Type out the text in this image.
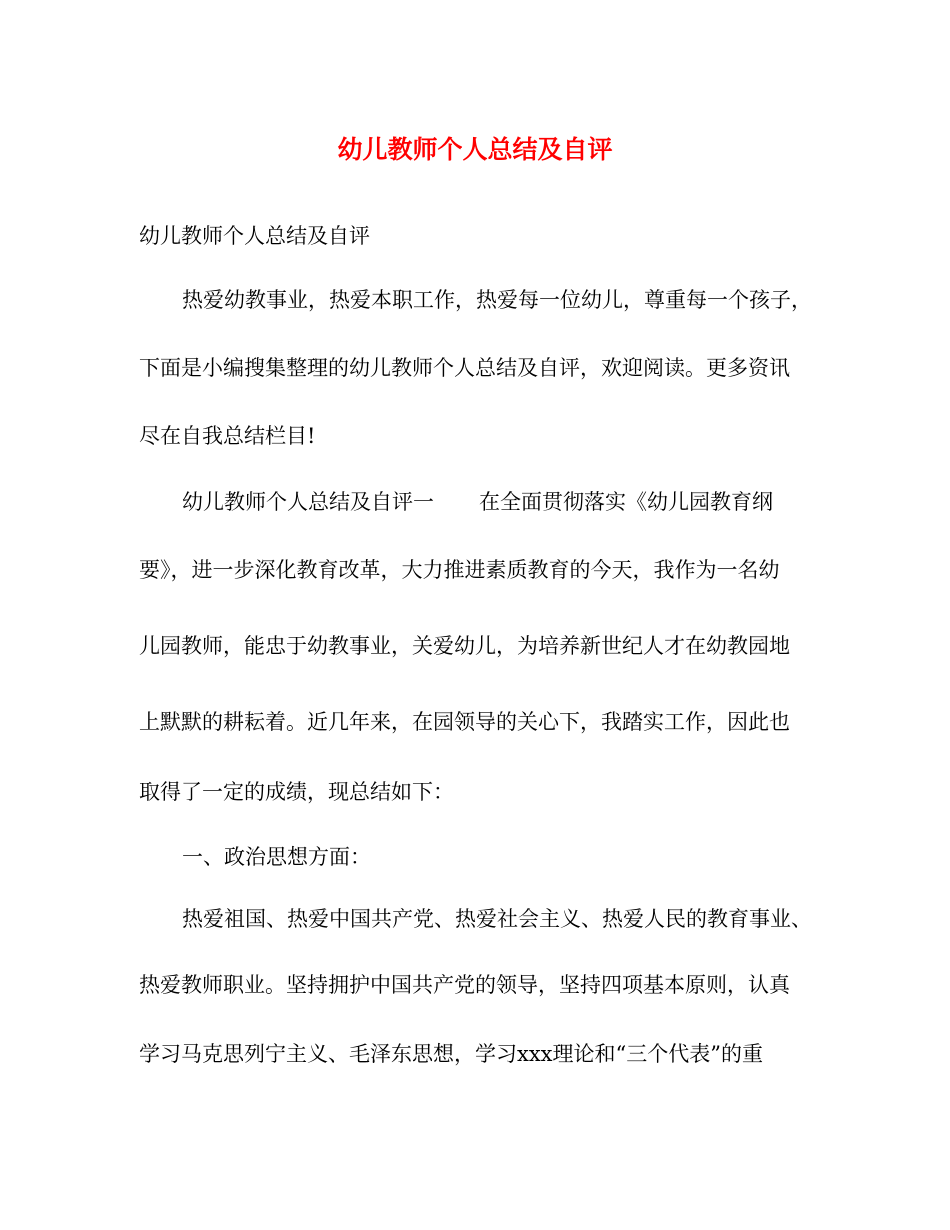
幼儿教师个人总结及自评

幼儿教师个人总结及自评

热爱幼教事业，热爱本职工作，热爱每一位幼儿，尊重每一个孩子，

下面是小编搜集整理的幼儿教师个人总结及自评，欢迎阅读。更多资讯

尽在自我总结栏目!

幼儿教师个人总结及自评一 在全面贯彻落实《幼儿园教育纲

要》，进一步深化教育改革，大力推进素质教育的今天，我作为一名幼

儿园教师，能忠于幼教事业，关爱幼儿，为培养新世纪人才在幼教园地

上默默的耕耘着。近几年来，在园领导的关心下，我踏实工作，因此也

取得了一定的成绩，现总结如下：

一、政治思想方面：

热爱祖国、热爱中国共产党、热爱社会主义、热爱人民的教育事业、

热爱教师职业。坚持拥护中国共产党的领导，坚持四项基本原则，认真

学习马克思列宁主义、毛泽东思想，学习xxx理论和“三个代表”的重
